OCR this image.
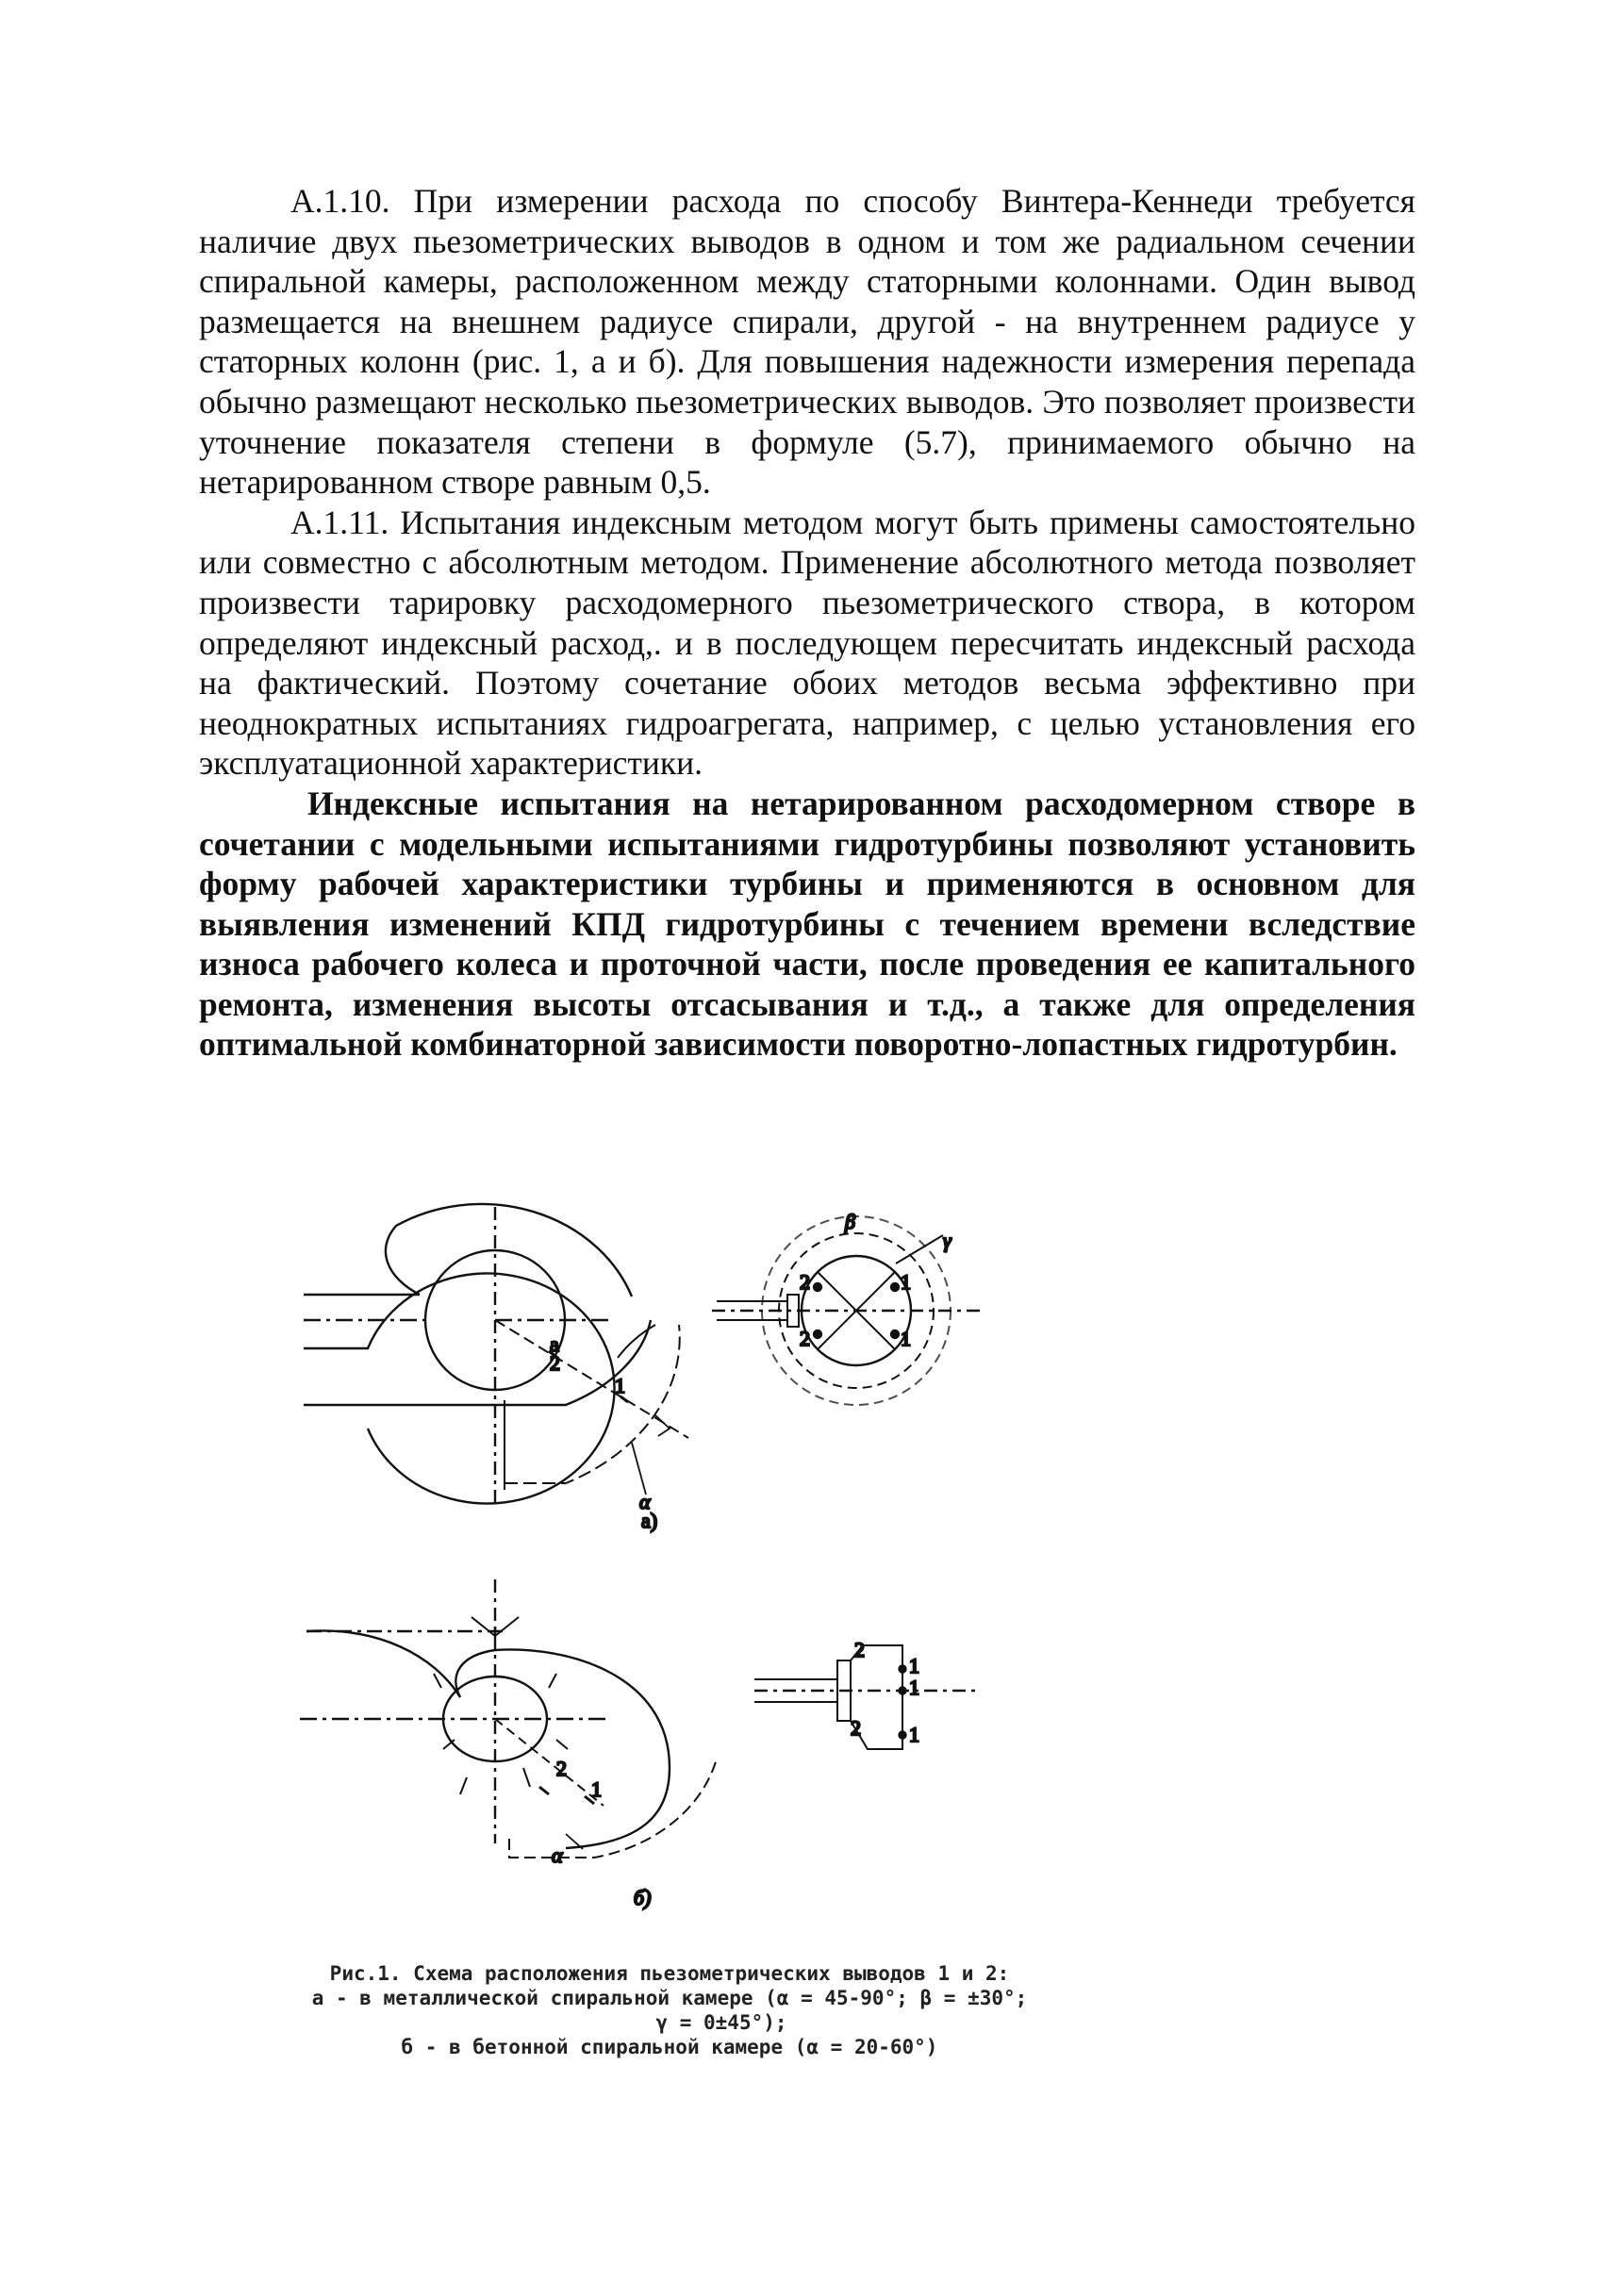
А.1.10. При измерении расхода по способу Винтера-Кеннеди требуется наличие двух пьезометрических выводов в одном и том же радиальном сечении спиральной камеры, расположенном между статорными колоннами. Один вывод размещается на внешнем радиусе спирали, другой - на внутреннем радиусе у статорных колонн (рис. 1, а и б). Для повышения надежности измерения перепада обычно размещают несколько пьезометрических выводов. Это позволяет произвести уточнение показателя степени в формуле (5.7), принимаемого обычно на нетарированном створе равным 0,5.

А.1.11. Испытания индексным методом могут быть примены самостоятельно или совместно с абсолютным методом. Применение абсолютного метода позволяет произвести тарировку расходомерного пьезометрического створа, в котором определяют индексный расход,. и в последующем пересчитать индексный расхода на фактический. Поэтому сочетание обоих методов весьма эффективно при неоднократных испытаниях гидроагрегата, например, с целью установления его эксплуатационной характеристики.

Индексные испытания на нетарированном расходомерном створе в сочетании с модельными испытаниями гидротурбины позволяют установить форму рабочей характеристики турбины и применяются в основном для выявления изменений КПД гидротурбины с течением времени вследствие износа рабочего колеса и проточной части, после проведения ее капитального ремонта, изменения высоты отсасывания и т.д., а также для определения оптимальной комбинаторной зависимости поворотно-лопастных гидротурбин.

а
2
1
α
β
γ
2
2
1
1
а)
2
1
α
2
2
1
1
1
б)
Рис.1. Схема расположения пьезометрических выводов 1 и 2:
а - в металлической спиральной камере (α = 45-90°; β = ±30°;
γ = 0±45°);
б - в бетонной спиральной камере (α = 20-60°)
